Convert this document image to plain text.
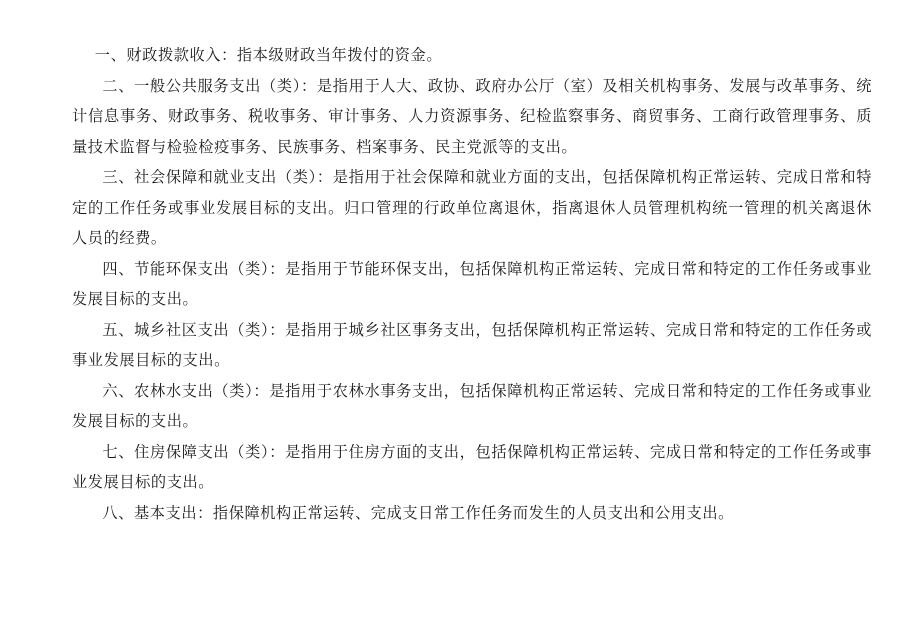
一、财政拨款收入：指本级财政当年拨付的资金。

二、一般公共服务支出（类）：是指用于人大、政协、政府办公厅（室）及相关机构事务、发展与改革事务、统计信息事务、财政事务、税收事务、审计事务、人力资源事务、纪检监察事务、商贸事务、工商行政管理事务、质量技术监督与检验检疫事务、民族事务、档案事务、民主党派等的支出。

三、社会保障和就业支出（类）：是指用于社会保障和就业方面的支出，包括保障机构正常运转、完成日常和特定的工作任务或事业发展目标的支出。归口管理的行政单位离退休，指离退休人员管理机构统一管理的机关离退休人员的经费。

四、节能环保支出（类）：是指用于节能环保支出，包括保障机构正常运转、完成日常和特定的工作任务或事业发展目标的支出。

五、城乡社区支出（类）：是指用于城乡社区事务支出，包括保障机构正常运转、完成日常和特定的工作任务或事业发展目标的支出。

六、农林水支出（类）：是指用于农林水事务支出，包括保障机构正常运转、完成日常和特定的工作任务或事业发展目标的支出。

七、住房保障支出（类）：是指用于住房方面的支出，包括保障机构正常运转、完成日常和特定的工作任务或事业发展目标的支出。

八、基本支出：指保障机构正常运转、完成支日常工作任务而发生的人员支出和公用支出。
